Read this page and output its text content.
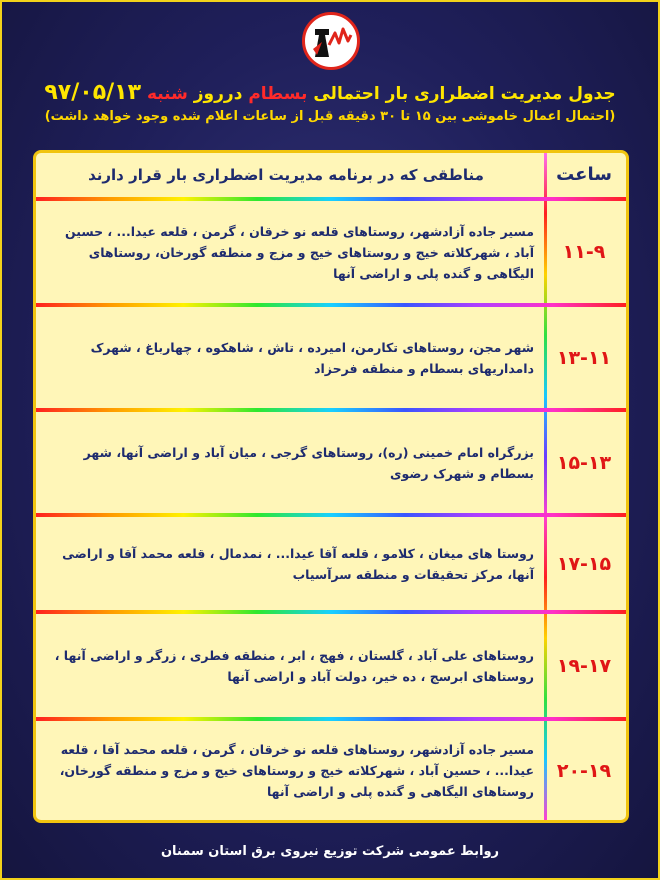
جدول مدیریت اضطراری بار احتمالی بسطام درروز شنبه ۹۷/۰۵/۱۳
(احتمال اعمال خاموشی بین ۱۵ تا ۳۰ دقیقه قبل از ساعات اعلام شده وجود خواهد داشت)
ساعت
مناطقی که در برنامه مدیریت اضطراری بار قرار دارند
۱۱-۹
مسیر جاده آزادشهر، روستاهای قلعه نو خرقان ، گرمن ، قلعه عیدا... ، حسین آباد ، شهرکلاته خیج و روستاهای خیج و مزج و منطقه گورخان، روستاهای الیگاهی و گنده پلی و اراضی آنها
۱۳-۱۱
شهر مجن، روستاهای تکارمن، امیرده ، تاش ، شاهکوه ، چهارباغ ، شهرک دامداریهای بسطام و منطقه فرحزاد
۱۵-۱۳
بزرگراه امام خمینی (ره)، روستاهای گرجی ، میان آباد و اراضی آنها، شهر بسطام و شهرک رضوی
۱۷-۱۵
روستا های میغان ، کلامو ، قلعه آقا عیدا... ، نمدمال ، قلعه محمد آقا و اراضی آنها، مرکز تحقیقات و منطقه سرآسیاب
۱۹-۱۷
روستاهای علی آباد ، گلستان ، فهج ، ابر ، منطقه فطری ، زرگر و اراضی آنها ، روستاهای ابرسج ، ده خیر، دولت آباد و اراضی آنها
۲۰-۱۹
مسیر جاده آزادشهر، روستاهای قلعه نو خرقان ، گرمن ، قلعه محمد آقا ، قلعه عیدا... ، حسین آباد ، شهرکلاته خیج و روستاهای خیج و مزج و منطقه گورخان، روستاهای الیگاهی و گنده پلی و اراضی آنها
روابط عمومی شرکت توزیع نیروی برق استان سمنان
